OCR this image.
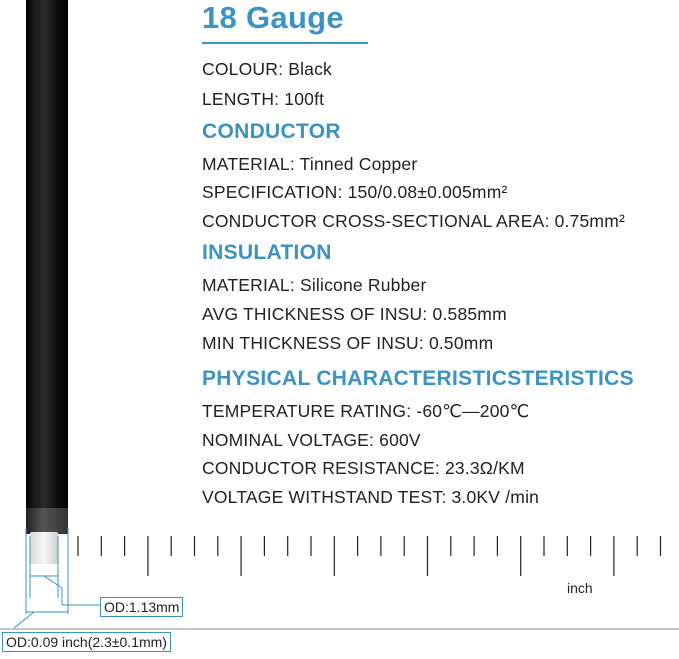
18 Gauge
COLOUR: Black
LENGTH: 100ft
CONDUCTOR
MATERIAL: Tinned Copper
SPECIFICATION: 150/0.08±0.005mm²
CONDUCTOR CROSS-SECTIONAL AREA: 0.75mm²
INSULATION
MATERIAL: Silicone Rubber
AVG THICKNESS OF INSU: 0.585mm
MIN THICKNESS OF INSU: 0.50mm
PHYSICAL CHARACTERISTICSTERISTICS
TEMPERATURE RATING: -60℃—200℃
NOMINAL VOLTAGE: 600V
CONDUCTOR RESISTANCE: 23.3Ω/KM
VOLTAGE WITHSTAND TEST: 3.0KV /min
inch
OD:1.13mm
OD:0.09 inch(2.3±0.1mm)
